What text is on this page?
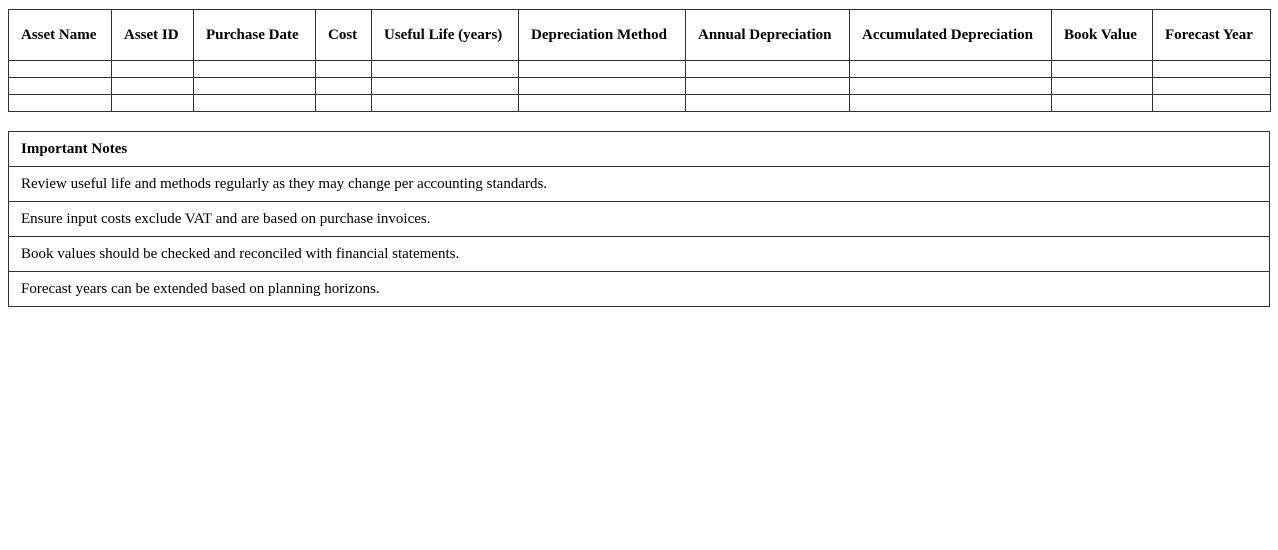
Asset Name	Asset ID	Purchase Date	Cost	Useful Life (years)	Depreciation Method	Annual Depreciation	Accumulated Depreciation	Book Value	Forecast Year

Important Notes
Review useful life and methods regularly as they may change per accounting standards.
Ensure input costs exclude VAT and are based on purchase invoices.
Book values should be checked and reconciled with financial statements.
Forecast years can be extended based on planning horizons.
